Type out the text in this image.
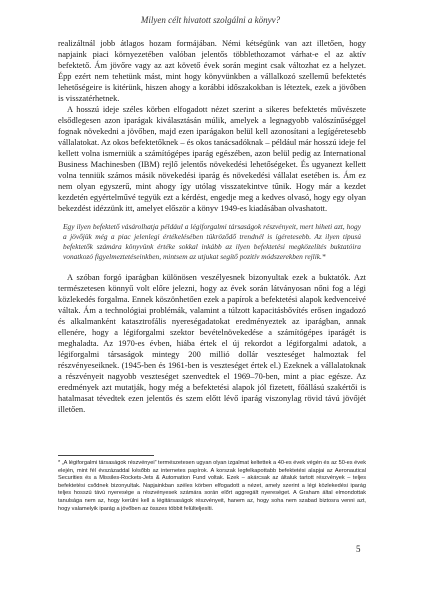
Milyen célt hivatott szolgálni a könyv?

realizáltnál jobb átlagos hozam formájában. Némi kétségünk van azt illetően, hogy napjaink piaci környezetében valóban jelentős többlethozamot várhat-e el az aktív befektető. Ám jövőre vagy az azt követő évek során megint csak változhat ez a helyzet. Épp ezért nem tehetünk mást, mint hogy könyvünkben a vállalkozó szellemű befektetés lehetőségeire is kitérünk, hiszen ahogy a korábbi időszakokban is léteztek, ezek a jövőben is visszatérhetnek.

A hosszú ideje széles körben elfogadott nézet szerint a sikeres befektetés művészete elsődlegesen azon iparágak kiválasztásán múlik, amelyek a legnagyobb valószínűséggel fognak növekedni a jövőben, majd ezen iparágakon belül kell azonosítani a legígéretesebb vállalatokat. Az okos befektetőknek – és okos tanácsadóknak – például már hosszú ideje fel kellett volna ismerniük a számítógépes iparág egészében, azon belül pedig az International Business Machinesben (IBM) rejlő jelentős növekedési lehetőségeket. És ugyanezt kellett volna tenniük számos másik növekedési iparág és növekedési vállalat esetében is. Ám ez nem olyan egyszerű, mint ahogy így utólag visszatekintve tűnik. Hogy már a kezdet kezdetén egyértelművé tegyük ezt a kérdést, engedje meg a kedves olvasó, hogy egy olyan bekezdést idézzünk itt, amelyet először a könyv 1949-es kiadásában olvashatott.

Egy ilyen befektető vásárolhatja például a légiforgalmi társaságok részvényeit, mert hiheti azt, hogy a jövőjük még a piac jelenlegi értékelésében tükröződő trendnél is ígéretesebb. Az ilyen típusú befektetők számára könyvünk értéke sokkal inkább az ilyen befektetési megközelítés buktatóira vonatkozó figyelmeztetéseinkben, mintsem az utjukat segítő pozitív módszerekben rejlik.*

A szóban forgó iparágban különösen veszélyesnek bizonyultak ezek a buktatók. Azt természetesen könnyű volt előre jelezni, hogy az évek során látványosan nőni fog a légi közlekedés forgalma. Ennek köszönhetően ezek a papírok a befektetési alapok kedvenceivé váltak. Ám a technológiai problémák, valamint a túlzott kapacitásbővítés erősen ingadozó és alkalmanként katasztrofális nyereségadatokat eredményeztek az iparágban, annak ellenére, hogy a légiforgalmi szektor bevételnövekedése a számítógépes iparágét is meghaladta. Az 1970-es évben, hiába értek el új rekordot a légiforgalmi adatok, a légiforgalmi társaságok mintegy 200 millió dollár veszteséget halmoztak fel részvényeseiknek. (1945-ben és 1961-ben is veszteséget értek el.) Ezeknek a vállalatoknak a részvényeit nagyobb veszteséget szenvedtek el 1969–70-ben, mint a piac egésze. Az eredmények azt mutatják, hogy még a befektetési alapok jól fizetett, főállású szakértői is hatalmasat tévedtek ezen jelentős és szem előtt lévő iparág viszonylag rövid távú jövőjét illetően.

* „A légiforgalmi társaságok részvényei” természetesen ugyan olyan izgalmat keltettek a 40-es évek végén és az 50-es évek elején, mint fél évszázaddal később az internetes papírok. A korszak legfelkapottabb befektetési alapjai az Aeronautical Securities és a Missiles-Rockets-Jets & Automation Fund voltak. Ezek – akárcsak az általuk tartott részvények – teljes befektetési csődnek bizonyultak. Napjainkban széles körben elfogadott a nézet, amely szerint a légi közlekedési iparág teljes hosszú távú nyeresége a részvényesek számára során előrt aggregált nyereséget. A Graham által elmondottak tanulsága nem az, hogy kerülni kell a légitársaságok részvényeit, hanem az, hogy soha nem szabad biztosra venni azt, hogy valamelyik iparág a jövőben az összes többit felülteljesíti.
5
